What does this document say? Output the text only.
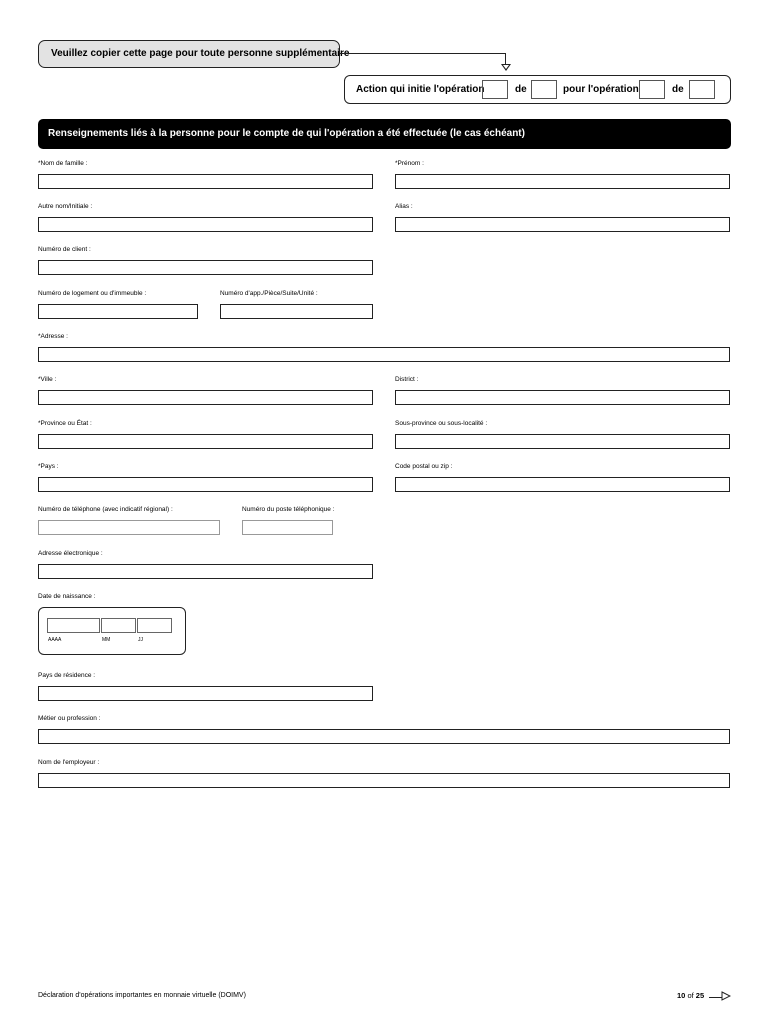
Veuillez copier cette page pour toute personne supplémentaire
Action qui initie l'opération	de	pour l'opération	de
Renseignements liés à la personne pour le compte de qui l'opération a été effectuée (le cas échéant)
*Nom de famille :	*Prénom :
Autre nom/Initiale :	Alias :
Numéro de client :
Numéro de logement ou d'immeuble :	Numéro d'app./Pièce/Suite/Unité :
*Adresse :
*Ville :	District :
*Province ou État :	Sous-province ou sous-localité :
*Pays :	Code postal ou zip :
Numéro de téléphone (avec indicatif régional) :	Numéro du poste téléphonique :
Adresse électronique :
Date de naissance :
AAAA	MM	JJ
Pays de résidence :
Métier ou profession :
Nom de l'employeur :
Déclaration d'opérations importantes en monnaie virtuelle (DOIMV)	10 of 25
